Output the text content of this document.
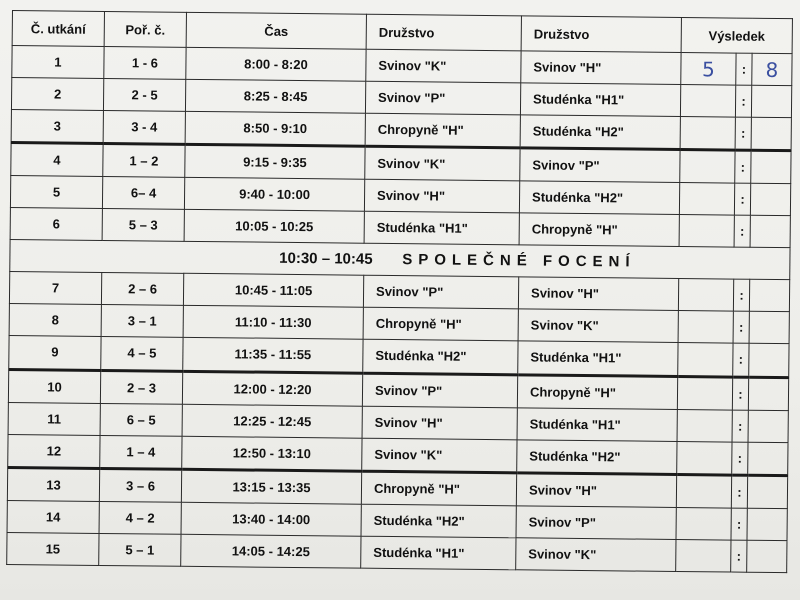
Č. utkání	Poř. č.	Čas	Družstvo	Družstvo	Výsledek		
1	1 - 6	8:00 - 8:20	Svinov "K"	Svinov "H"	5	:	8
2	2 - 5	8:25 - 8:45	Svinov "P"	Studénka "H1"		:	
3	3 - 4	8:50 - 9:10	Chropyně "H"	Studénka "H2"		:	
4	1 – 2	9:15 - 9:35	Svinov "K"	Svinov "P"		:	
5	6– 4	9:40 - 10:00	Svinov "H"	Studénka "H2"		:	
6	5 – 3	10:05 - 10:25	Studénka "H1"	Chropyně "H"		:	
10:30 – 10:45 SPOLEČNÉ FOCENÍ							
7	2 – 6	10:45 - 11:05	Svinov "P"	Svinov "H"		:	
8	3 – 1	11:10 - 11:30	Chropyně "H"	Svinov "K"		:	
9	4 – 5	11:35 - 11:55	Studénka "H2"	Studénka "H1"		:	
10	2 – 3	12:00 - 12:20	Svinov "P"	Chropyně "H"		:	
11	6 – 5	12:25 - 12:45	Svinov "H"	Studénka "H1"		:	
12	1 – 4	12:50 - 13:10	Svinov "K"	Studénka "H2"		:	
13	3 – 6	13:15 - 13:35	Chropyně "H"	Svinov "H"		:	
14	4 – 2	13:40 - 14:00	Studénka "H2"	Svinov "P"		:	
15	5 – 1	14:05 - 14:25	Studénka "H1"	Svinov "K"		:	
